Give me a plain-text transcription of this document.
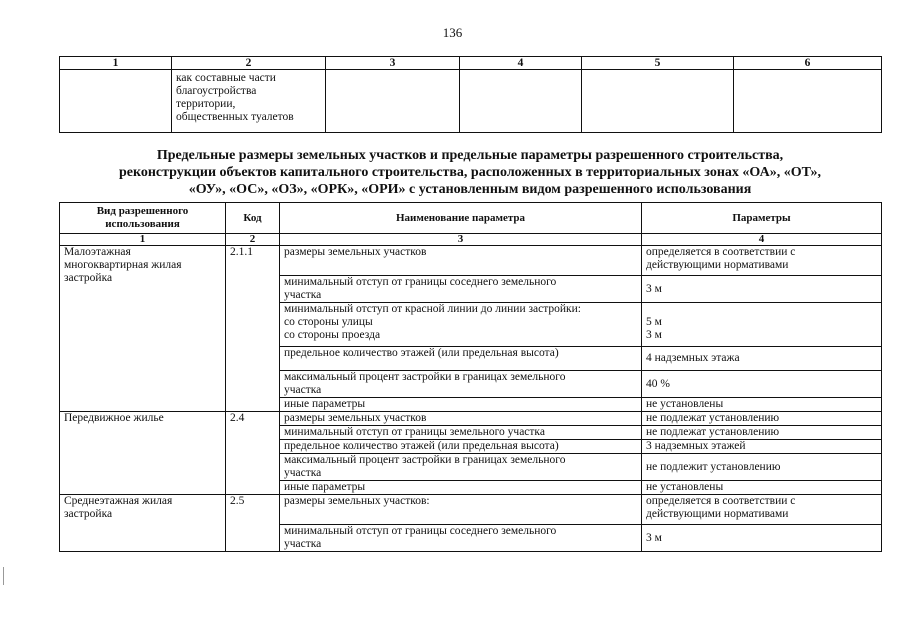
136
1	2	3	4	5	6

	как составные части
благоустройства
территории,
общественных туалетов				

Предельные размеры земельных участков и предельные параметры разрешенного строительства,
реконструкции объектов капитального строительства, расположенных в территориальных зонах «ОА», «ОТ»,
«ОУ», «ОС», «ОЗ», «ОРК», «ОРИ» с установленным видом разрешенного использования
Вид разрешенного
использования	Код	Наименование параметра	Параметры
1	2	3	4

Малоэтажная
многоквартирная жилая
застройка	2.1.1	размеры земельных участков	определяется в соответствии с
действующими нормативами

		минимальный отступ от границы соседнего земельного
участка	3 м

		минимальный отступ от красной линии до линии застройки:
со стороны улицы
со стороны проезда	5 м
3 м

		предельное количество этажей (или предельная высота)	4 надземных этажа

		максимальный процент застройки в границах земельного
участка	40 %

		иные параметры	не установлены

Передвижное жилье	2.4	размеры земельных участков	не подлежат установлению

		минимальный отступ от границы земельного участка	не подлежат установлению

		предельное количество этажей (или предельная высота)	3 надземных этажей

		максимальный процент застройки в границах земельного
участка	не подлежит установлению

		иные параметры	не установлены

Среднеэтажная жилая
застройка	2.5	размеры земельных участков:	определяется в соответствии с
действующими нормативами

		минимальный отступ от границы соседнего земельного
участка	3 м
